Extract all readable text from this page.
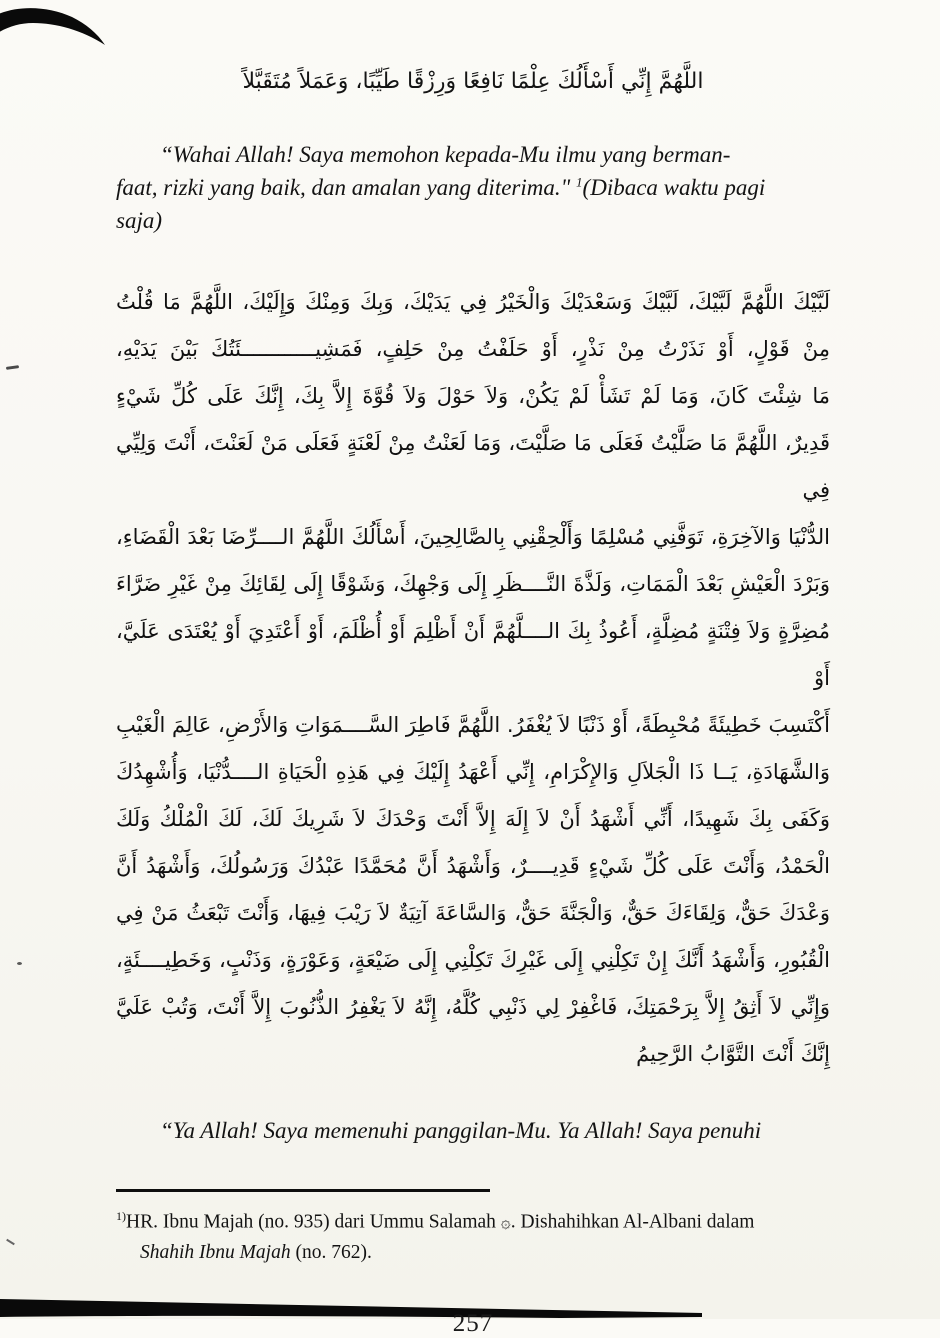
اللَّهُمَّ إِنِّي أَسْأَلُكَ عِلْمًا نَافِعًا وَرِزْقًا طَيِّبًا، وَعَمَلاً مُتَقَبَّلاً
“Wahai Allah! Saya memohon kepada-Mu ilmu yang berman-
faat, rizki yang baik, dan amalan yang diterima." $^1$(Dibaca waktu pagi
saja)
لَبَّيْكَ اللَّهُمَّ لَبَّيْكَ، لَبَّيْكَ وَسَعْدَيْكَ وَالْخَيْرُ فِي يَدَيْكَ، وَبِكَ وَمِنْكَ وَإِلَيْكَ، اللَّهُمَّ مَا قُلْتُ
مِنْ قَوْلٍ، أَوْ نَذَرْتُ مِنْ نَذْرٍ، أَوْ حَلَفْتُ مِنْ حَلِفٍ، فَمَشِيــــــــــــئَتُكَ بَيْنَ يَدَيْهِ،
مَا شِئْتَ كَانَ، وَمَا لَمْ تَشَأْ لَمْ يَكُنْ، وَلاَ حَوْلَ وَلاَ قُوَّةَ إِلاَّ بِكَ، إِنَّكَ عَلَى كُلِّ شَيْءٍ
قَدِيرٌ، اللَّهُمَّ مَا صَلَّيْتُ فَعَلَى مَا صَلَّيْتَ، وَمَا لَعَنْتُ مِنْ لَعْنَةٍ فَعَلَى مَنْ لَعَنْتَ، أَنْتَ وَلِيِّي فِي
الدُّنْيَا وَالآخِرَةِ، تَوَفَّنِي مُسْلِمًا وَأَلْحِقْنِي بِالصَّالِحِينَ، أَسْأَلُكَ اللَّهُمَّ الــــرِّضَا بَعْدَ الْقَضَاءِ،
وَبَرْدَ الْعَيْشِ بَعْدَ الْمَمَاتِ، وَلَذَّةَ النَّــــظَرِ إِلَى وَجْهِكَ، وَشَوْقًا إِلَى لِقَائِكَ مِنْ غَيْرِ ضَرَّاءَ
مُضِرَّةٍ وَلاَ فِتْنَةٍ مُضِلَّةٍ، أَعُوذُ بِكَ الــــلَّهُمَّ أَنْ أَظْلِمَ أَوْ أُظْلَمَ، أَوْ أَعْتَدِيَ أَوْ يُعْتَدَى عَلَيَّ، أَوْ
أَكْتَسِبَ خَطِيئَةً مُحْبِطَةً، أَوْ ذَنْبًا لاَ يُغْفَرُ. اللَّهُمَّ فَاطِرَ السَّــــمَوَاتِ وَالأَرْضِ، عَالِمَ الْغَيْبِ
وَالشَّهَادَةِ، يَــا ذَا الْجَلاَلِ وَالإِكْرَامِ، إِنِّي أَعْهَدُ إِلَيْكَ فِي هَذِهِ الْحَيَاةِ الــــدُّنْيَا، وَأُشْهِدُكَ
وَكَفَى بِكَ شَهِيدًا، أَنِّي أَشْهَدُ أَنْ لاَ إِلَهَ إِلاَّ أَنْتَ وَحْدَكَ لاَ شَرِيكَ لَكَ، لَكَ الْمُلْكُ وَلَكَ
الْحَمْدُ، وَأَنْتَ عَلَى كُلِّ شَيْءٍ قَدِيــــرٌ، وَأَشْهَدُ أَنَّ مُحَمَّدًا عَبْدُكَ وَرَسُولُكَ، وَأَشْهَدُ أَنَّ
وَعْدَكَ حَقٌّ، وَلِقَاءَكَ حَقٌّ، وَالْجَنَّةَ حَقٌّ، وَالسَّاعَةَ آتِيَةٌ لاَ رَيْبَ فِيهَا، وَأَنْتَ تَبْعَثُ مَنْ فِي
الْقُبُورِ، وَأَشْهَدُ أَنَّكَ إِنْ تَكِلْنِي إِلَى غَيْرِكَ تَكِلْنِي إِلَى ضَيْعَةٍ، وَعَوْرَةٍ، وَذَنْبٍ، وَخَطِيــــئَةٍ،
وَإِنِّي لاَ أَثِقُ إِلاَّ بِرَحْمَتِكَ، فَاغْفِرْ لِي ذَنْبِي كُلَّهُ، إِنَّهُ لاَ يَغْفِرُ الذُّنُوبَ إِلاَّ أَنْتَ، وَتُبْ عَلَيَّ
إِنَّكَ أَنْتَ التَّوَّابُ الرَّحِيمُ
“Ya Allah! Saya memenuhi panggilan-Mu. Ya Allah! Saya penuhi
$^{1)}$HR. Ibnu Majah (no. 935) dari Ummu Salamah ۞. Dishahihkan Al-Albani dalam
Shahih Ibnu Majah (no. 762).
257
